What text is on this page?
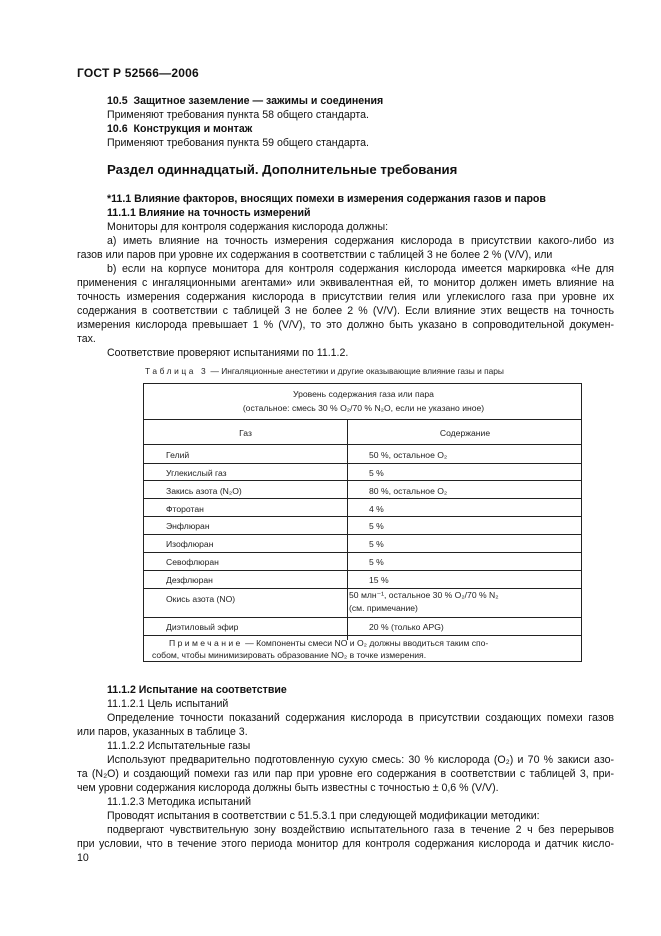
ГОСТ Р 52566—2006
10.5 Защитное заземление — зажимы и соединения
Применяют требования пункта 58 общего стандарта.
10.6 Конструкция и монтаж
Применяют требования пункта 59 общего стандарта.
Раздел одиннадцатый. Дополнительные требования
*11.1 Влияние факторов, вносящих помехи в измерения содержания газов и паров
11.1.1 Влияние на точность измерений
Мониторы для контроля содержания кислорода должны:
а) иметь влияние на точность измерения содержания кислорода в присутствии какого-либо из
газов или паров при уровне их содержания в соответствии с таблицей 3 не более 2 % (V/V), или
b) если на корпусе монитора для контроля содержания кислорода имеется маркировка «Не для
применения с ингаляционными агентами» или эквивалентная ей, то монитор должен иметь влияние на
точность измерения содержания кислорода в присутствии гелия или углекислого газа при уровне их
содержания в соответствии с таблицей 3 не более 2 % (V/V). Если влияние этих веществ на точность
измерения кислорода превышает 1 % (V/V), то это должно быть указано в сопроводительной докумен-
тах.
Соответствие проверяют испытаниями по 11.1.2.
Таблица 3 — Ингаляционные анестетики и другие оказывающие влияние газы и пары
Уровень содержания газа или пара
(остальное: смесь 30 % O₂/70 % N₂O, если не указано иное)
Газ	Содержание
Гелий	50 %, остальное O₂
Углекислый газ	5 %
Закись азота (N₂O)	80 %, остальное O₂
Фторотан	4 %
Энфлюран	5 %
Изофлюран	5 %
Севофлюран	5 %
Дезфлюран	15 %
Окись азота (NO)	50 млн⁻¹, остальное 30 % O₂/70 % N₂
(см. примечание)
Диэтиловый эфир	20 % (только APG)
Примечание — Компоненты смеси NO и O₂ должны вводиться таким спо-
собом, чтобы минимизировать образование NO₂ в точке измерения.
11.1.2 Испытание на соответствие
11.1.2.1 Цель испытаний
Определение точности показаний содержания кислорода в присутствии создающих помехи газов
или паров, указанных в таблице 3.
11.1.2.2 Испытательные газы
Используют предварительно подготовленную сухую смесь: 30 % кислорода (O₂) и 70 % закиси азо-
та (N₂O) и создающий помехи газ или пар при уровне его содержания в соответствии с таблицей 3, при-
чем уровни содержания кислорода должны быть известны с точностью ± 0,6 % (V/V).
11.1.2.3 Методика испытаний
Проводят испытания в соответствии с 51.5.3.1 при следующей модификации методики:
подвергают чувствительную зону воздействию испытательного газа в течение 2 ч без перерывов
при условии, что в течение этого периода монитор для контроля содержания кислорода и датчик кисло-
10
